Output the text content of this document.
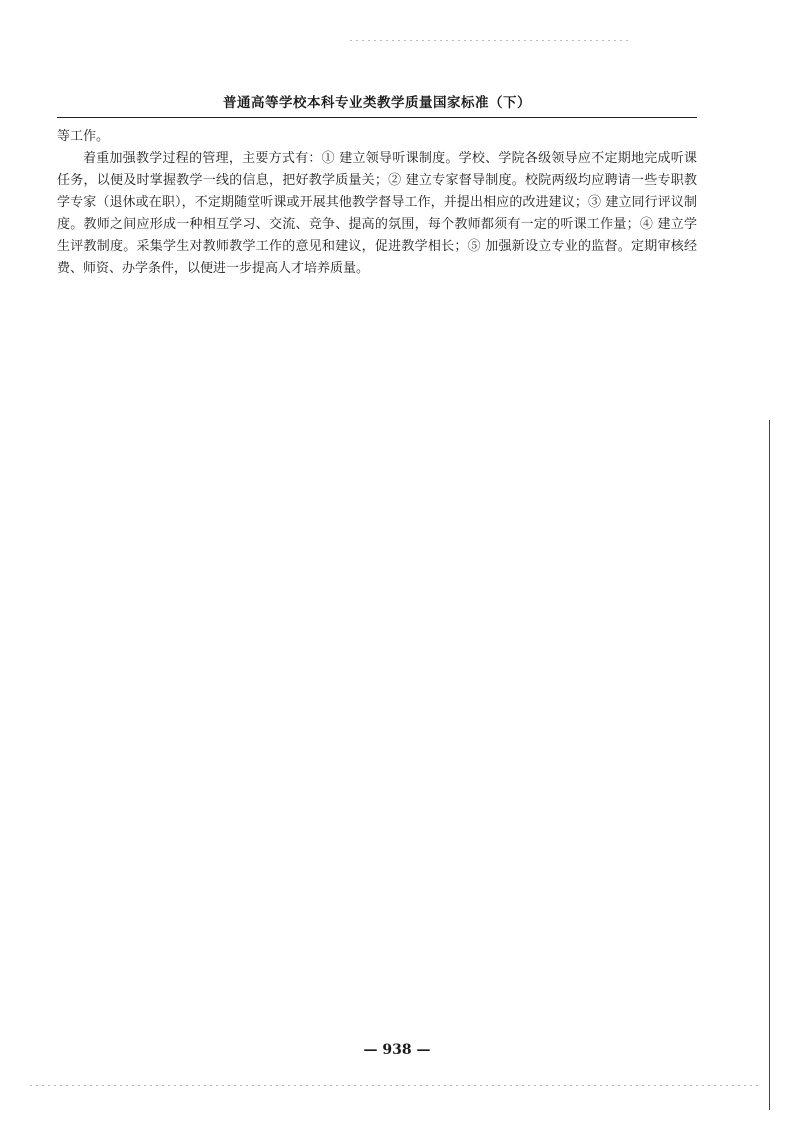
普通高等学校本科专业类教学质量国家标准（下）

等工作。

着重加强教学过程的管理，主要方式有：① 建立领导听课制度。学校、学院各级领导应不定期地完成听课任务，以便及时掌握教学一线的信息，把好教学质量关；② 建立专家督导制度。校院两级均应聘请一些专职教学专家（退休或在职），不定期随堂听课或开展其他教学督导工作，并提出相应的改进建议；③ 建立同行评议制度。教师之间应形成一种相互学习、交流、竞争、提高的氛围，每个教师都须有一定的听课工作量；④ 建立学生评教制度。采集学生对教师教学工作的意见和建议，促进教学相长；⑤ 加强新设立专业的监督。定期审核经费、师资、办学条件，以便进一步提高人才培养质量。

— 938 —
